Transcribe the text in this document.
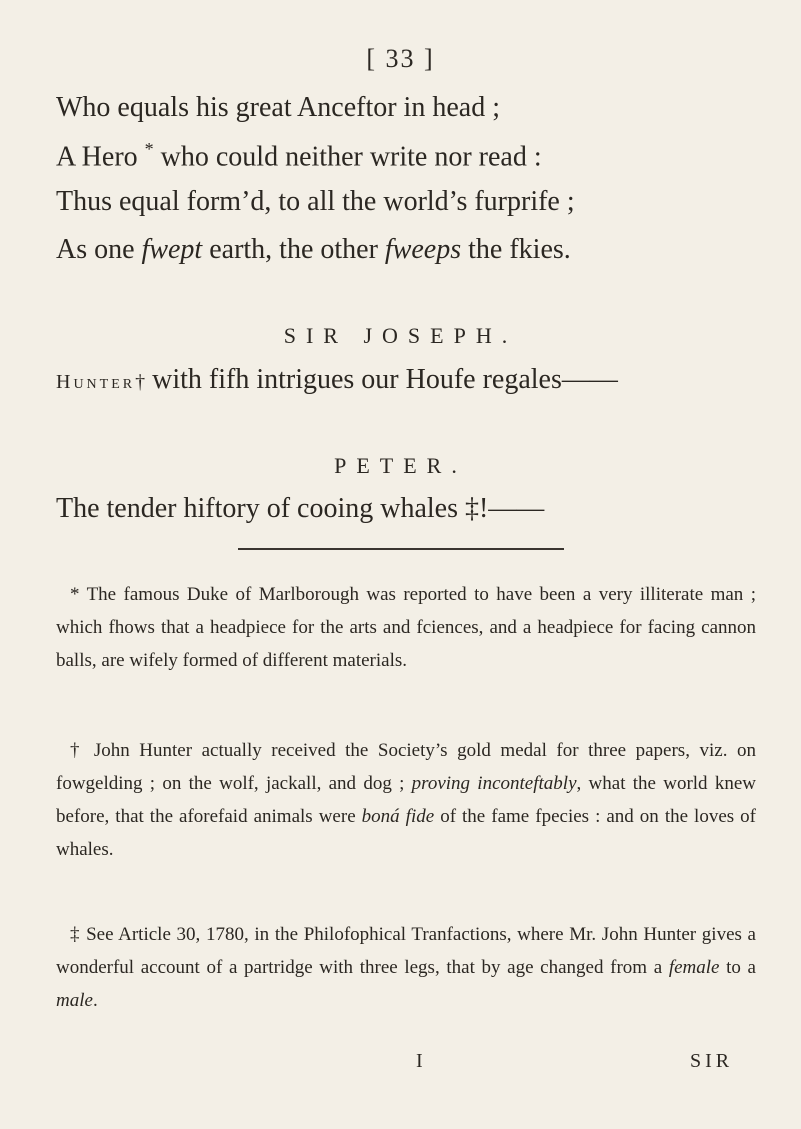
[ 33 ]
Who equals his great Anceftor in head ;
A Hero * who could neither write nor read :
Thus equal form’d, to all the world’s furprife ;
As one fwept earth, the other fweeps the fkies.
SIR JOSEPH.
Hunter† with fifh intrigues our Houfe regales——
PETER.
The tender hiftory of cooing whales ‡!——

* The famous Duke of Marlborough was reported to have been a very illiterate man ; which fhows that a headpiece for the arts and fciences, and a headpiece for facing cannon balls, are wifely formed of different materials.

† John Hunter actually received the Society’s gold medal for three papers, viz. on fowgelding ; on the wolf, jackall, and dog ; proving inconteftably, what the world knew before, that the aforefaid animals were boná fide of the fame fpecies : and on the loves of whales.

‡ See Article 30, 1780, in the Philofophical Tranfactions, where Mr. John Hunter gives a wonderful account of a partridge with three legs, that by age changed from a female to a male.

I	SIR
